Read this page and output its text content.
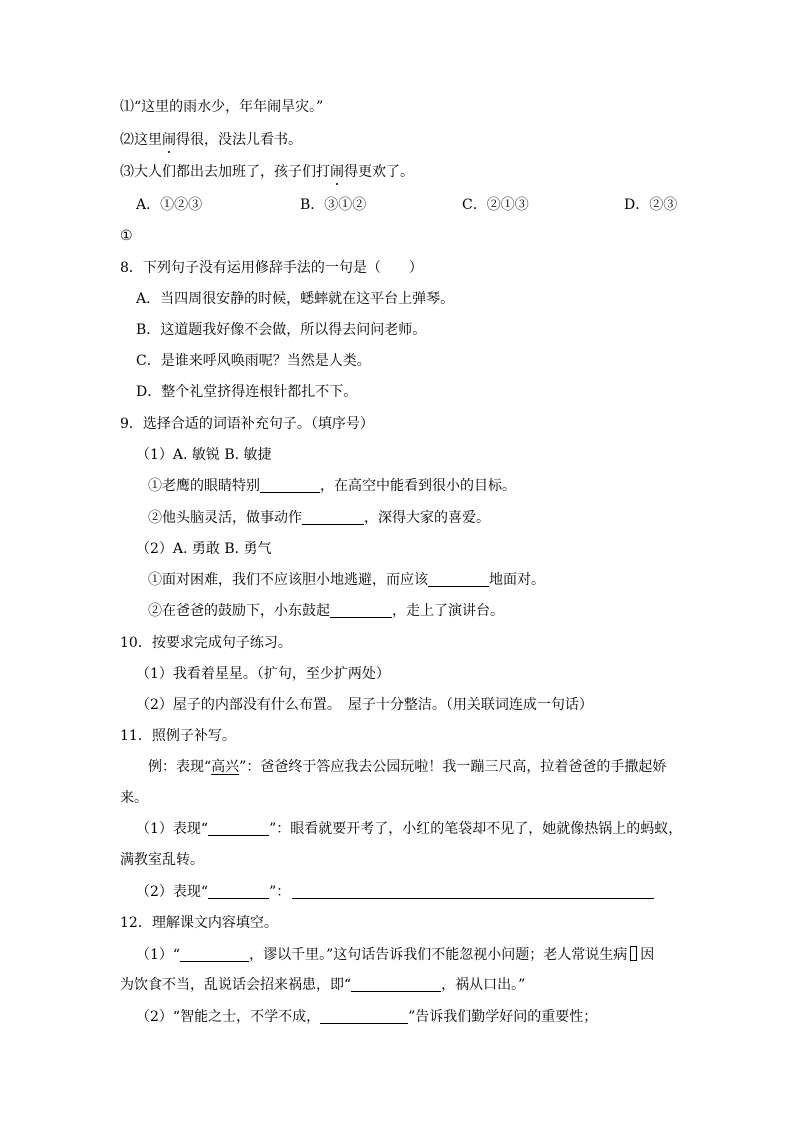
⑴“这里的雨水少，年年闹旱灾。”
⑵这里闹得很，没法儿看书。
⑶大人们都出去加班了，孩子们打闹得更欢了。
A．①②③	B．③①②	C．②①③	D．②③
①
8．下列句子没有运用修辞手法的一句是（　　）
A．当四周很安静的时候，蟋蟀就在这平台上弹琴。
B．这道题我好像不会做，所以得去问问老师。
C．是谁来呼风唤雨呢？当然是人类。
D．整个礼堂挤得连根针都扎不下。
9．选择合适的词语补充句子。（填序号）
（1）A. 敏锐 B. 敏捷
①老鹰的眼睛特别	，在高空中能看到很小的目标。
②他头脑灵活，做事动作	，深得大家的喜爱。
（2）A. 勇敢 B. 勇气
①面对困难，我们不应该胆小地逃避，而应该	地面对。
②在爸爸的鼓励下，小东鼓起	，走上了演讲台。
10．按要求完成句子练习。
（1）我看着星星。（扩句，至少扩两处）
（2）屋子的内部没有什么布置。　屋子十分整洁。（用关联词连成一句话）
11．照例子补写。
例：表现“高兴”：爸爸终于答应我去公园玩啦！我一蹦三尺高，拉着爸爸的手撒起娇
来。
（1）表现“	”：眼看就要开考了，小红的笔袋却不见了，她就像热锅上的蚂蚁，
满教室乱转。
（2）表现“	”：
12．理解课文内容填空。
（1）“	，谬以千里。”这句话告诉我们不能忽视小问题；老人常说生病 因
为饮食不当，乱说话会招来祸患，即“	，祸从口出。”
（2）“智能之士，不学不成，	”告诉我们勤学好问的重要性；
